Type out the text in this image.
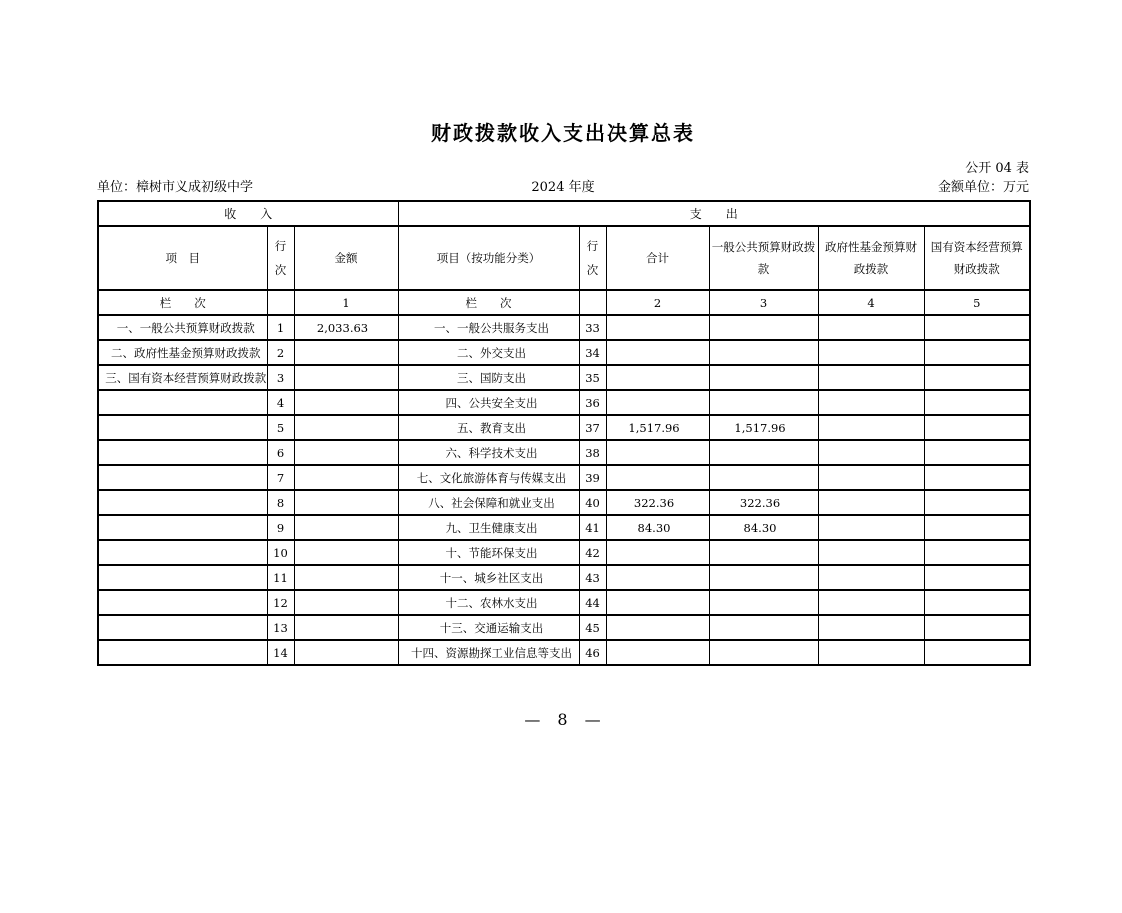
财政拨款收入支出决算总表
公开 04 表
单位：樟树市义成初级中学	2024 年度	金额单位：万元
收　　入			支　　出					
项　目	行次	金额	项目（按功能分类）	行次	合计	一般公共预算财政拨款	政府性基金预算财政拨款	国有资本经营预算财政拨款
栏　　次		1	栏　　次		2	3	4	5
一、一般公共预算财政拨款	1	2,033.63	一、一般公共服务支出	33				
二、政府性基金预算财政拨款	2		二、外交支出	34				
三、国有资本经营预算财政拨款	3		三、国防支出	35				
	4		四、公共安全支出	36				
	5		五、教育支出	37	1,517.96	1,517.96		
	6		六、科学技术支出	38				
	7		七、文化旅游体育与传媒支出	39				
	8		八、社会保障和就业支出	40	322.36	322.36		
	9		九、卫生健康支出	41	84.30	84.30		
	10		十、节能环保支出	42				
	11		十一、城乡社区支出	43				
	12		十二、农林水支出	44				
	13		十三、交通运输支出	45				
	14		十四、资源勘探工业信息等支出	46				
— 8 —
